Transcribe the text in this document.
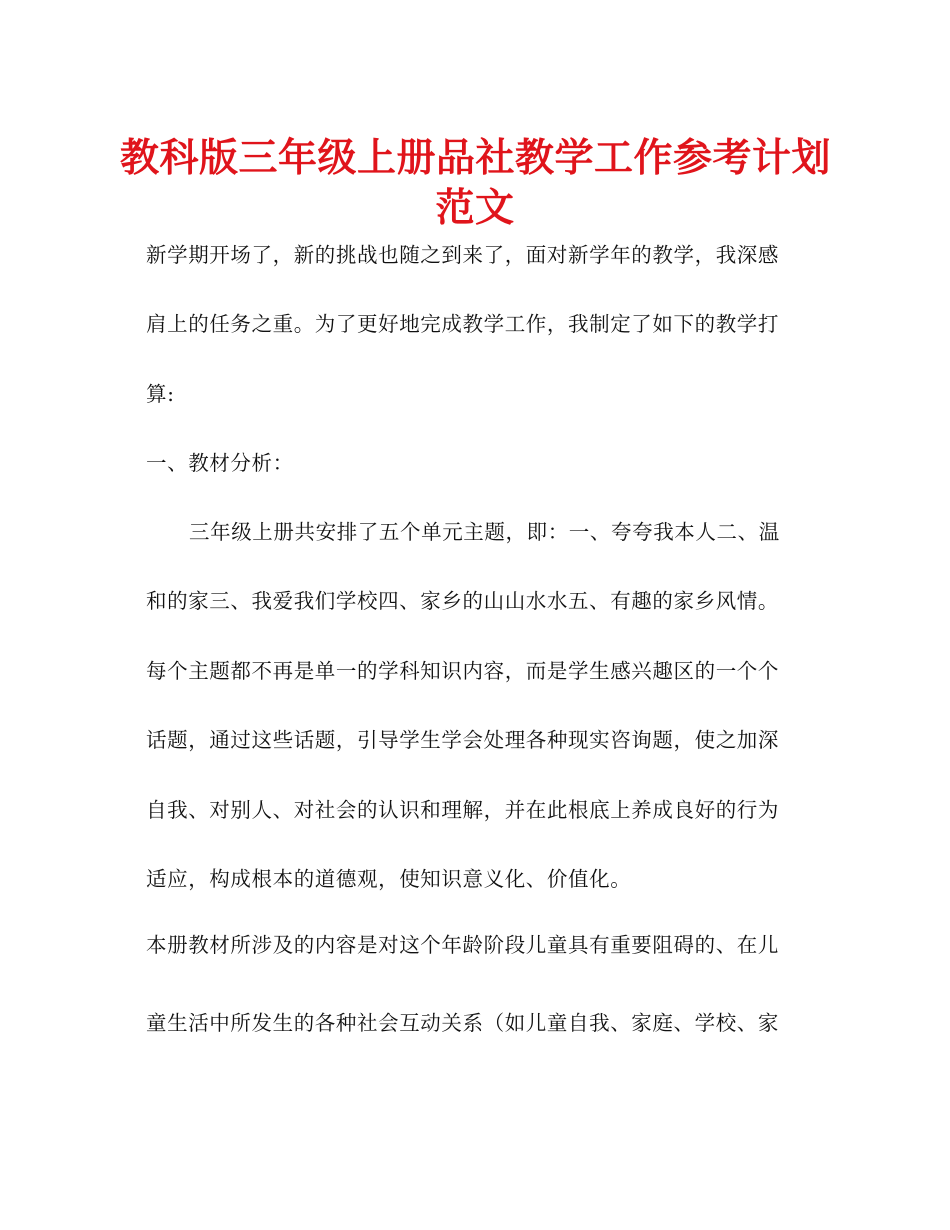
教科版三年级上册品社教学工作参考计划
范文
新学期开场了，新的挑战也随之到来了，面对新学年的教学，我深感
肩上的任务之重。为了更好地完成教学工作，我制定了如下的教学打
算:
一、教材分析：
三年级上册共安排了五个单元主题，即：一、夸夸我本人二、温
和的家三、我爱我们学校四、家乡的山山水水五、有趣的家乡风情。
每个主题都不再是单一的学科知识内容，而是学生感兴趣区的一个个
话题，通过这些话题，引导学生学会处理各种现实咨询题，使之加深
自我、对别人、对社会的认识和理解，并在此根底上养成良好的行为
适应，构成根本的道德观，使知识意义化、价值化。
本册教材所涉及的内容是对这个年龄阶段儿童具有重要阻碍的、在儿
童生活中所发生的各种社会互动关系（如儿童自我、家庭、学校、家
